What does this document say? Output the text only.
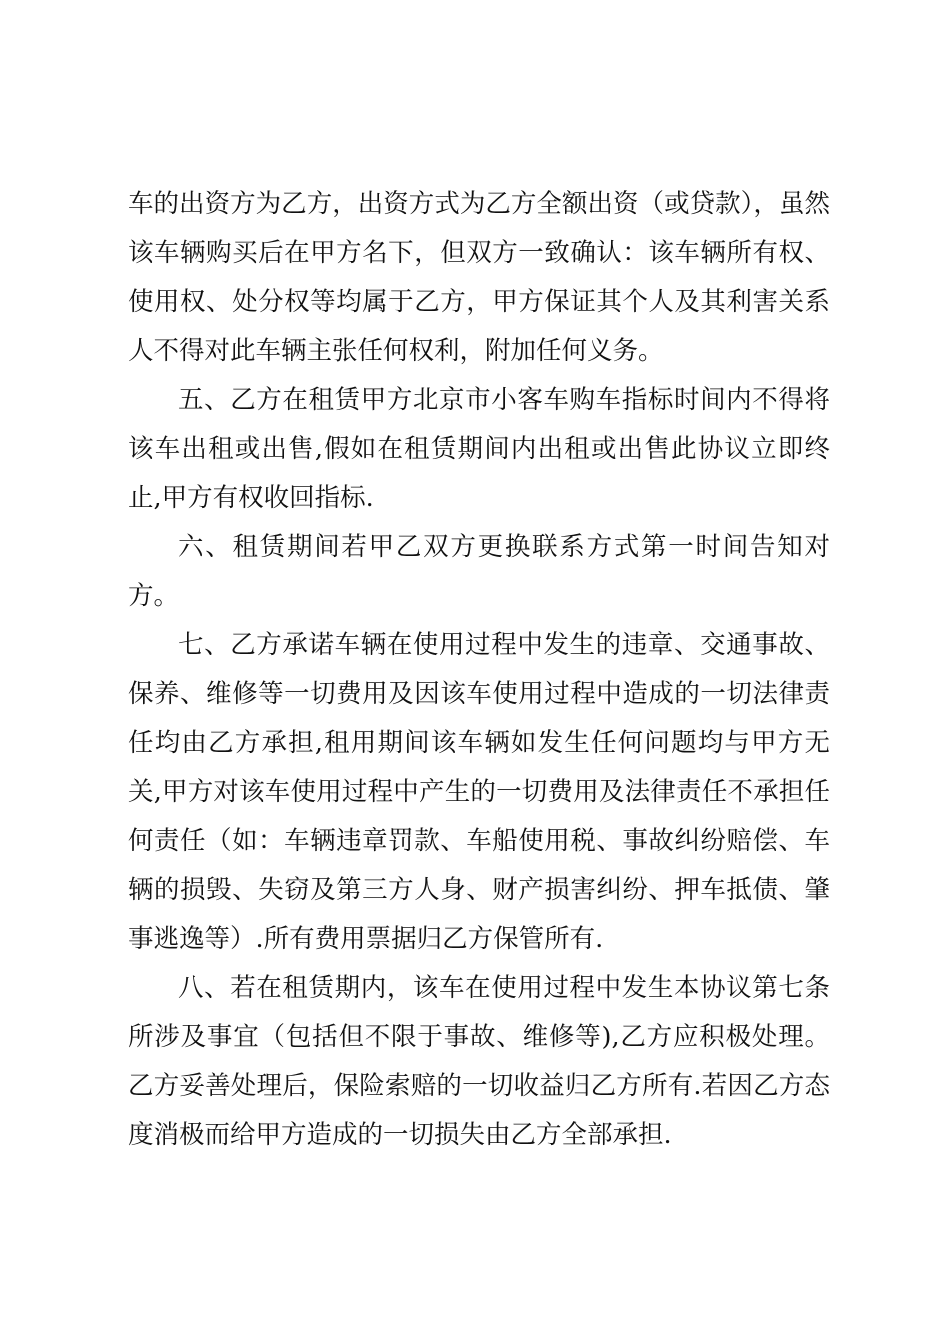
车的出资方为乙方，出资方式为乙方全额出资（或贷款），虽然
该车辆购买后在甲方名下，但双方一致确认：该车辆所有权、
使用权、处分权等均属于乙方，甲方保证其个人及其利害关系
人不得对此车辆主张任何权利，附加任何义务。
五、乙方在租赁甲方北京市小客车购车指标时间内不得将
该车出租或出售,假如在租赁期间内出租或出售此协议立即终
止,甲方有权收回指标.
六、租赁期间若甲乙双方更换联系方式第一时间告知对
方。
七、乙方承诺车辆在使用过程中发生的违章、交通事故、
保养、维修等一切费用及因该车使用过程中造成的一切法律责
任均由乙方承担,租用期间该车辆如发生任何问题均与甲方无
关,甲方对该车使用过程中产生的一切费用及法律责任不承担任
何责任（如：车辆违章罚款、车船使用税、事故纠纷赔偿、车
辆的损毁、失窃及第三方人身、财产损害纠纷、押车抵债、肇
事逃逸等）.所有费用票据归乙方保管所有.
八、若在租赁期内，该车在使用过程中发生本协议第七条
所涉及事宜（包括但不限于事故、维修等),乙方应积极处理。
乙方妥善处理后，保险索赔的一切收益归乙方所有.若因乙方态
度消极而给甲方造成的一切损失由乙方全部承担.
